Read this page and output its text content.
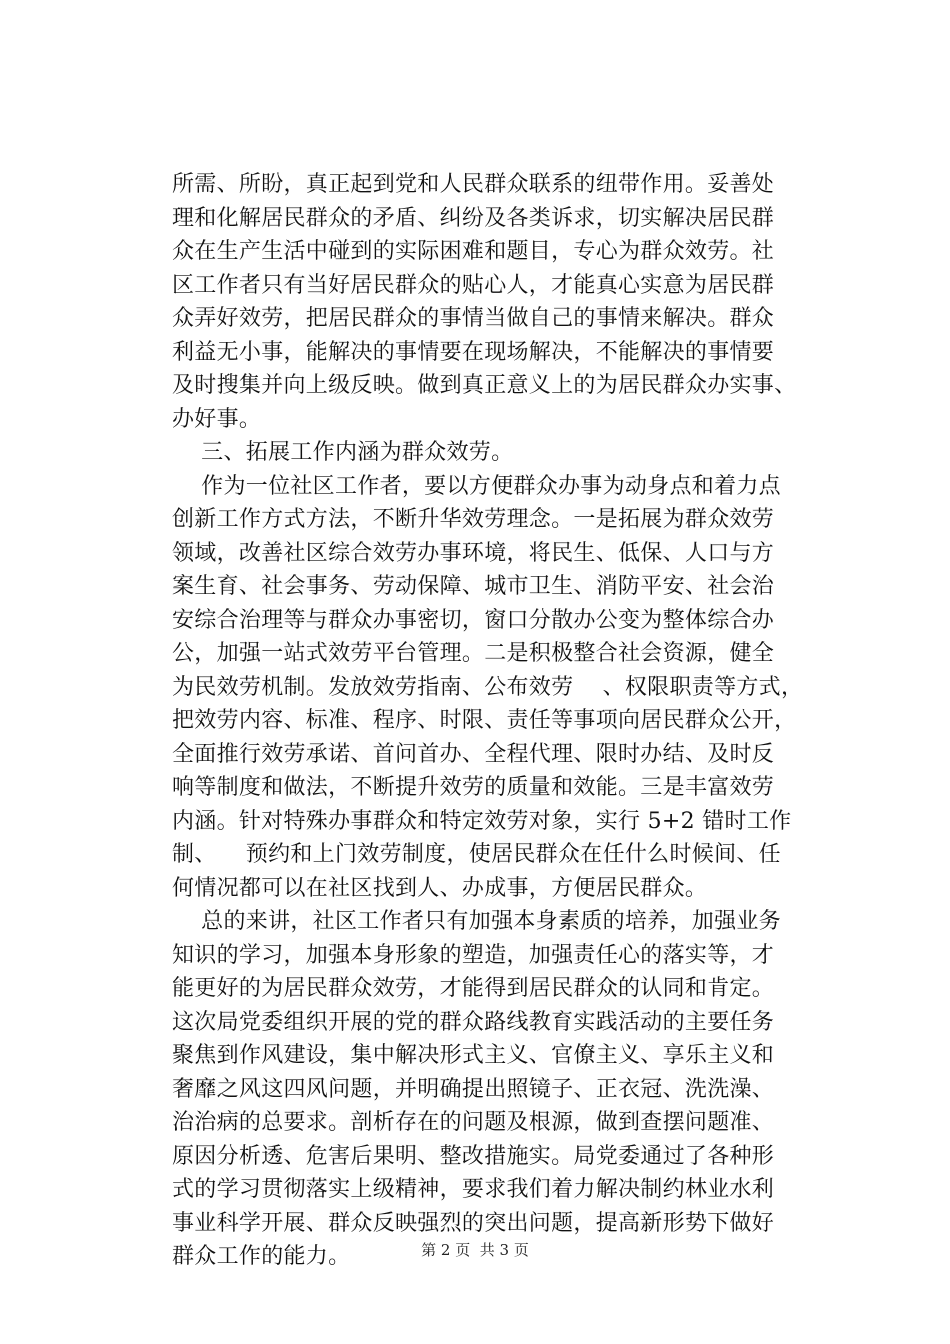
所需、所盼，真正起到党和人民群众联系的纽带作用。妥善处
理和化解居民群众的矛盾、纠纷及各类诉求，切实解决居民群
众在生产生活中碰到的实际困难和题目，专心为群众效劳。社
区工作者只有当好居民群众的贴心人，才能真心实意为居民群
众弄好效劳，把居民群众的事情当做自己的事情来解决。群众
利益无小事，能解决的事情要在现场解决，不能解决的事情要
及时搜集并向上级反映。做到真正意义上的为居民群众办实事、
办好事。
三、拓展工作内涵为群众效劳。
作为一位社区工作者，要以方便群众办事为动身点和着力点
创新工作方式方法，不断升华效劳理念。一是拓展为群众效劳
领域，改善社区综合效劳办事环境，将民生、低保、人口与方
案生育、社会事务、劳动保障、城市卫生、消防平安、社会治
安综合治理等与群众办事密切，窗口分散办公变为整体综合办
公，加强一站式效劳平台管理。二是积极整合社会资源，健全
为民效劳机制。发放效劳指南、公布效劳    、权限职责等方式，
把效劳内容、标准、程序、时限、责任等事项向居民群众公开，
全面推行效劳承诺、首问首办、全程代理、限时办结、及时反
响等制度和做法，不断提升效劳的质量和效能。三是丰富效劳
内涵。针对特殊办事群众和特定效劳对象，实行 5+2 错时工作
制、    预约和上门效劳制度，使居民群众在任什么时候间、任
何情况都可以在社区找到人、办成事，方便居民群众。
总的来讲，社区工作者只有加强本身素质的培养，加强业务
知识的学习，加强本身形象的塑造，加强责任心的落实等，才
能更好的为居民群众效劳，才能得到居民群众的认同和肯定。
这次局党委组织开展的党的群众路线教育实践活动的主要任务
聚焦到作风建设，集中解决形式主义、官僚主义、享乐主义和
奢靡之风这四风问题，并明确提出照镜子、正衣冠、洗洗澡、
治治病的总要求。剖析存在的问题及根源，做到查摆问题准、
原因分析透、危害后果明、整改措施实。局党委通过了各种形
式的学习贯彻落实上级精神，要求我们着力解决制约林业水利
事业科学开展、群众反映强烈的突出问题，提高新形势下做好
群众工作的能力。	第 2 页  共 3 页
